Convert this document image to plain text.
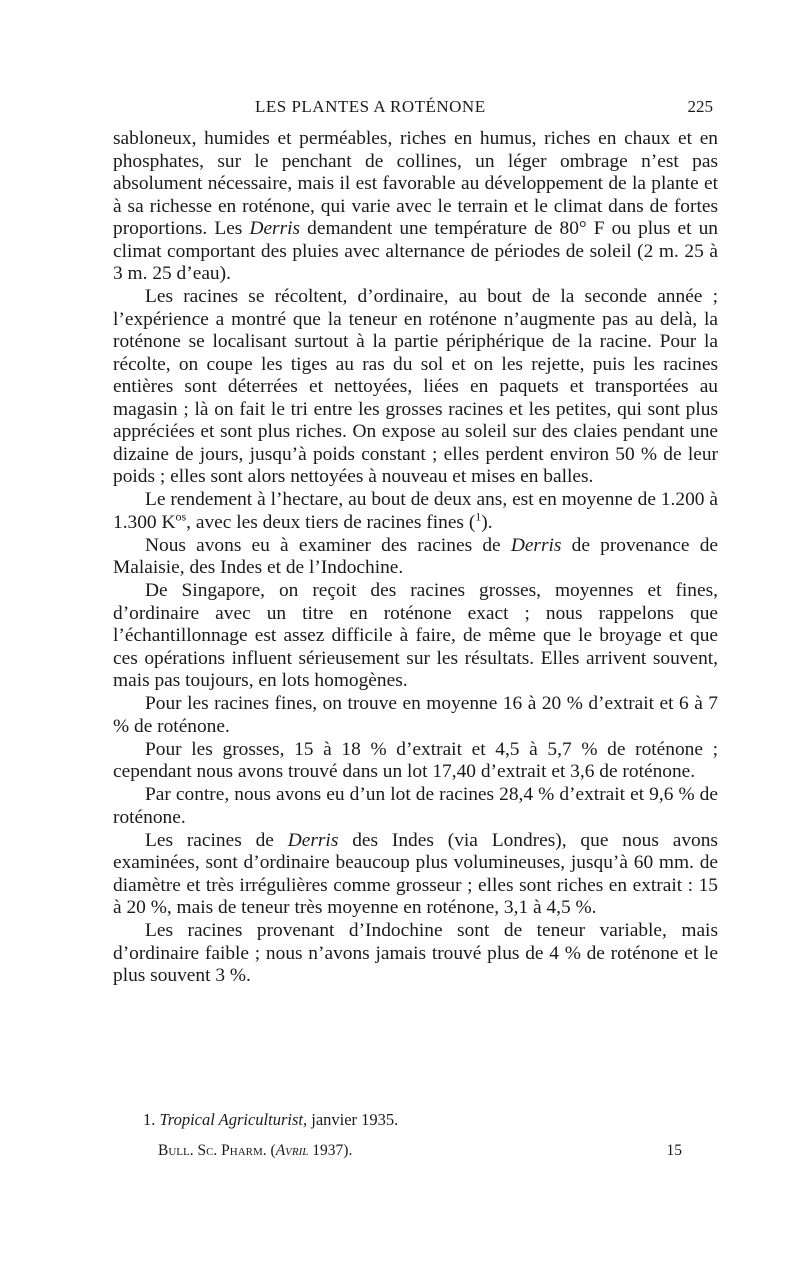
LES PLANTES A ROTÉNONE	225

sabloneux, humides et perméables, riches en humus, riches en chaux et en phosphates, sur le penchant de collines, un léger ombrage n’est pas absolument nécessaire, mais il est favorable au développement de la plante et à sa richesse en roténone, qui varie avec le terrain et le climat dans de fortes proportions. Les Derris demandent une température de 80° F ou plus et un climat comportant des pluies avec alternance de périodes de soleil (2 m. 25 à 3 m. 25 d’eau).

Les racines se récoltent, d’ordinaire, au bout de la seconde année ; l’expérience a montré que la teneur en roténone n’augmente pas au delà, la roténone se localisant surtout à la partie périphérique de la racine. Pour la récolte, on coupe les tiges au ras du sol et on les rejette, puis les racines entières sont déterrées et nettoyées, liées en paquets et transportées au magasin ; là on fait le tri entre les grosses racines et les petites, qui sont plus appréciées et sont plus riches. On expose au soleil sur des claies pendant une dizaine de jours, jusqu’à poids constant ; elles perdent environ 50 % de leur poids ; elles sont alors nettoyées à nouveau et mises en balles.

Le rendement à l’hectare, au bout de deux ans, est en moyenne de 1.200 à 1.300 $K^{os}$, avec les deux tiers de racines fines ($^1$).

Nous avons eu à examiner des racines de Derris de provenance de Malaisie, des Indes et de l’Indochine.

De Singapore, on reçoit des racines grosses, moyennes et fines, d’ordinaire avec un titre en roténone exact ; nous rappelons que l’échantillonnage est assez difficile à faire, de même que le broyage et que ces opérations influent sérieusement sur les résultats. Elles arrivent souvent, mais pas toujours, en lots homogènes.

Pour les racines fines, on trouve en moyenne 16 à 20 % d’extrait et 6 à 7 % de roténone.

Pour les grosses, 15 à 18 % d’extrait et 4,5 à 5,7 % de roténone ; cependant nous avons trouvé dans un lot 17,40 d’extrait et 3,6 de roténone.

Par contre, nous avons eu d’un lot de racines 28,4 % d’extrait et 9,6 % de roténone.

Les racines de Derris des Indes (via Londres), que nous avons examinées, sont d’ordinaire beaucoup plus volumineuses, jusqu’à 60 mm. de diamètre et très irrégulières comme grosseur ; elles sont riches en extrait : 15 à 20 %, mais de teneur très moyenne en roténone, 3,1 à 4,5 %.

Les racines provenant d’Indochine sont de teneur variable, mais d’ordinaire faible ; nous n’avons jamais trouvé plus de 4 % de roténone et le plus souvent 3 %.

1. Tropical Agriculturist, janvier 1935.
Bull. Sc. Pharm. (Avril 1937).	15
